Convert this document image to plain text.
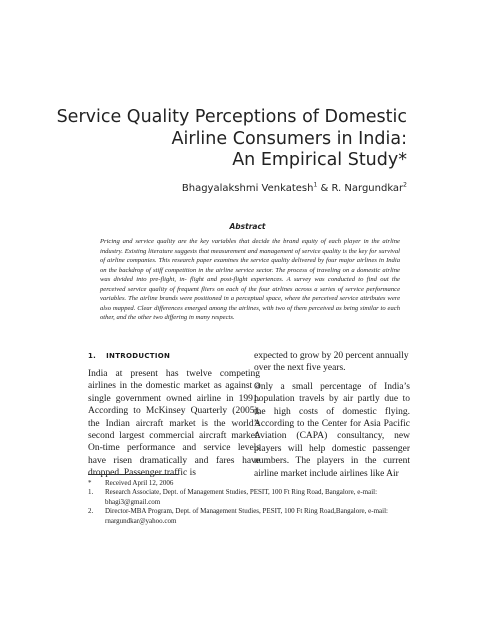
Service Quality Perceptions of Domestic
Airline Consumers in India:
An Empirical Study*
Bhagyalakshmi Venkatesh$^1$ & R. Nargundkar$^2$
Abstract

Pricing and service quality are the key variables that decide the brand equity of each player in the airline industry. Existing literature suggests that measurement and management of service quality is the key for survival of airline companies. This research paper examines the service quality delivered by four major airlines in India on the backdrop of stiff competition in the airline service sector. The process of traveling on a domestic airline was divided into pre-flight, in- flight and post-flight experiences. A survey was conducted to find out the perceived service quality of frequent fliers on each of the four airlines across a series of service performance variables. The airline brands were positioned in a perceptual space, where the perceived service attributes were also mapped. Clear differences emerged among the airlines, with two of them perceived as being similar to each other, and the other two differing in many respects.

1. INTRODUCTION

India at present has twelve competing airlines in the domestic market as against a single government owned airline in 1991. According to McKinsey Quarterly (2005), the Indian aircraft market is the world’s second largest commercial aircraft market. On-time performance and service levels have risen dramatically and fares have dropped. Passenger traffic is

expected to grow by 20 percent annually over the next five years.

Only a small percentage of India’s population travels by air partly due to the high costs of domestic flying. According to the Center for Asia Pacific Aviation (CAPA) consultancy, new players will help domestic passenger numbers. The players in the current airline market include airlines like Air

*	Received April 12, 2006
1.	Research Associate, Dept. of Management Studies, PESIT, 100 Ft Ring Road, Bangalore, e-mail: bhagi3@gmail.com
2.	Director-MBA Program, Dept. of Management Studies, PESIT, 100 Ft Ring Road,Bangalore, e-mail: rnargundkar@yahoo.com
